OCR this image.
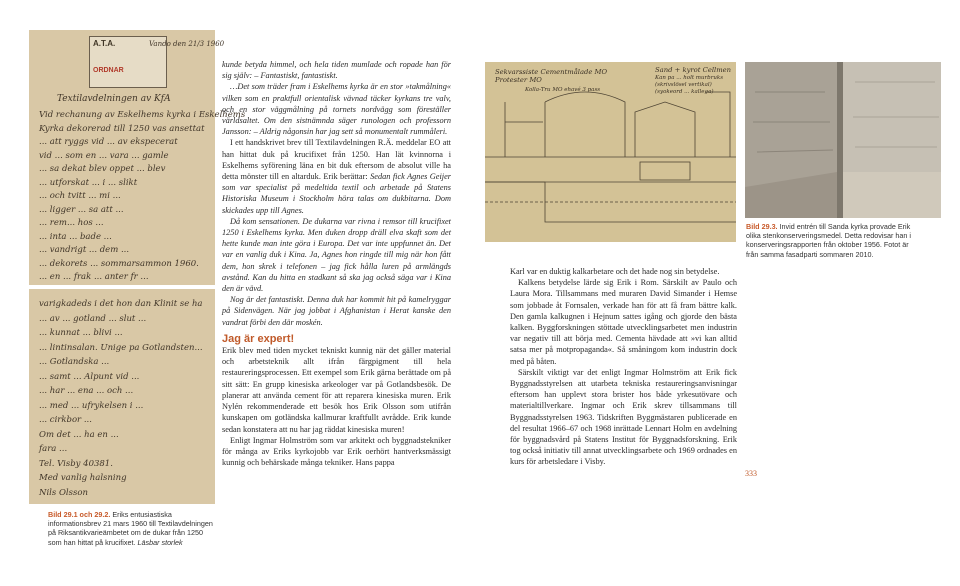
A.T.A.
ORDNAR
Vando den 21/3 1960
Textilavdelningen av KfA
Vid rechanung av Eskelhems kyrka i Eskelhems
Kyrka dekorerad till 1250 vas ansettat
... att ryggs vid ... av ekspecerat
vid ... som en ... vara ... gamle
... sa dekat blev oppet ... blev
... utforskat ... i ... slikt
... och tvitt ... mi ...
... ligger ... sa att ...
... rem... hos ...
... inta ... bade ...
... vandrigt ... dem ...
... dekorets ... sommarsammon 1960.
... en ... frak ... anter fr ...
varigkadeds i det hon dan Klinit se ha
... av ... gotland ... slut ...
... kunnat ... blivi ...
... lintinsalan. Unige pa Gotlandsten...
... Gotlandska ...
... samt ... Alpunt vid ...
... har ... ena ... och ...
... med ... ufrykelsen i ...
... cirkbor ...
Om det ... ha en ...
fara ...
Tel. Visby 40381.
Med vanlig halsning
Nils Olsson
Bild 29.1 och 29.2. Eriks entusiastiska informationsbrev 21 mars 1960 till Textilavdelningen på Riksantikvarieämbetet om de dukar från 1250 som han hittat på krucifixet. Läsbar storlek

kunde betyda himmel, och hela tiden mumlade och ropade han för sig själv: – Fantastiskt, fantastiskt.

…Det som träder fram i Eskelhems kyrka är en stor »takmålning« vilken som en praktfull orientalisk vävnad täcker kyrkans tre valv, och en stor väggmålning på tornets nordvägg som föreställer världsaltet. Om den sistnämnda säger runologen och professorn Jansson: – Aldrig någonsin har jag sett så monumentalt rummåleri.

I ett handskrivet brev till Textilavdelningen R.Ä. meddelar EO att han hittat duk på krucifixet från 1250. Han lät kvinnorna i Eskelhems syförening läna en bit duk eftersom de absolut ville ha detta mönster till en altarduk. Erik berättar: Sedan fick Agnes Geijer som var specialist på medeltida textil och arbetade på Statens Historiska Museum i Stockholm höra talas om dukbitarna. Dom skickades upp till Agnes.

Då kom sensationen. De dukarna var rivna i remsor till krucifixet 1250 i Eskelhems kyrka. Men duken dropp dräll elva skaft som det hette kunde man inte göra i Europa. Det var inte uppfunnet än. Det var en vanlig duk i Kina. Ja, Agnes hon ringde till mig när hon fått dem, hon skrek i telefonen – jag fick hålla luren på armlängds avstånd. Kan du hitta en stadkant så ska jag också säga var i Kina den är vävd.

Nog är det fantastiskt. Denna duk har kommit hit på kamelryggar på Sidenvägen. När jag jobbat i Afghanistan i Herat kanske den vandrat förbi den där moskén.

Jag är expert!

Erik blev med tiden mycket tekniskt kunnig när det gäller material och arbetsteknik allt ifrån färgpigment till hela restaureringsprocessen. Ett exempel som Erik gärna berättade om på sitt sätt: En grupp kinesiska arkeologer var på Gotlandsbesök. De planerar att använda cement för att reparera kinesiska muren. Erik Nylén rekommenderade ett besök hos Erik Olsson som utifrån kunskapen om gotländska kallmurar kraftfullt avrådde. Erik kunde sedan konstatera att nu har jag räddat kinesiska muren!

Enligt Ingmar Holmström som var arkitekt och byggnadstekniker för många av Eriks kyrkojobb var Erik oerhört hantverksmässigt kunnig och behärskade många tekniker. Hans pappa

Sekvarssiste Cementmålade MO
Protester MO
Kolla-Tru MO ehavé 3 pass
Sand + kyrot Cellmen
Kan pa ... holt murbruks
(skrivslösel vertikal)
(syokeord ... kallega)
Bild 29.3. Invid entrén till Sanda kyrka provade Erik olika stenkonserveringsmedel. Detta redovisar han i konserveringsrapporten från oktober 1956. Fotot är från samma fasadparti sommaren 2010.

Karl var en duktig kalkarbetare och det hade nog sin betydelse.

Kalkens betydelse lärde sig Erik i Rom. Särskilt av Paulo och Laura Mora. Tillsammans med muraren David Simander i Hemse som jobbade åt Fornsalen, verkade han för att få fram bättre kalk. Den gamla kalkugnen i Hejnum sattes igång och gjorde den bästa kalken. Byggforskningen stöttade utvecklingsarbetet men industrin var negativ till att börja med. Cementa hävdade att »vi kan alltid satsa mer på motpropaganda«. Så småningom kom industrin dock med på båten.

Särskilt viktigt var det enligt Ingmar Holmström att Erik fick Byggnadsstyrelsen att utarbeta tekniska restaureringsanvisningar eftersom han upplevt stora brister hos både yrkesutövare och materialtillverkare. Ingmar och Erik skrev tillsammans till Byggnadsstyrelsen 1963. Tidskriften Byggmästaren publicerade en del resultat 1966–67 och 1968 inrättade Lennart Holm en avdelning för byggnadsvård på Statens Institut för Byggnadsforskning. Erik tog också initiativ till annat utvecklingsarbete och 1969 ordnades en kurs för arbetsledare i Visby.

333
